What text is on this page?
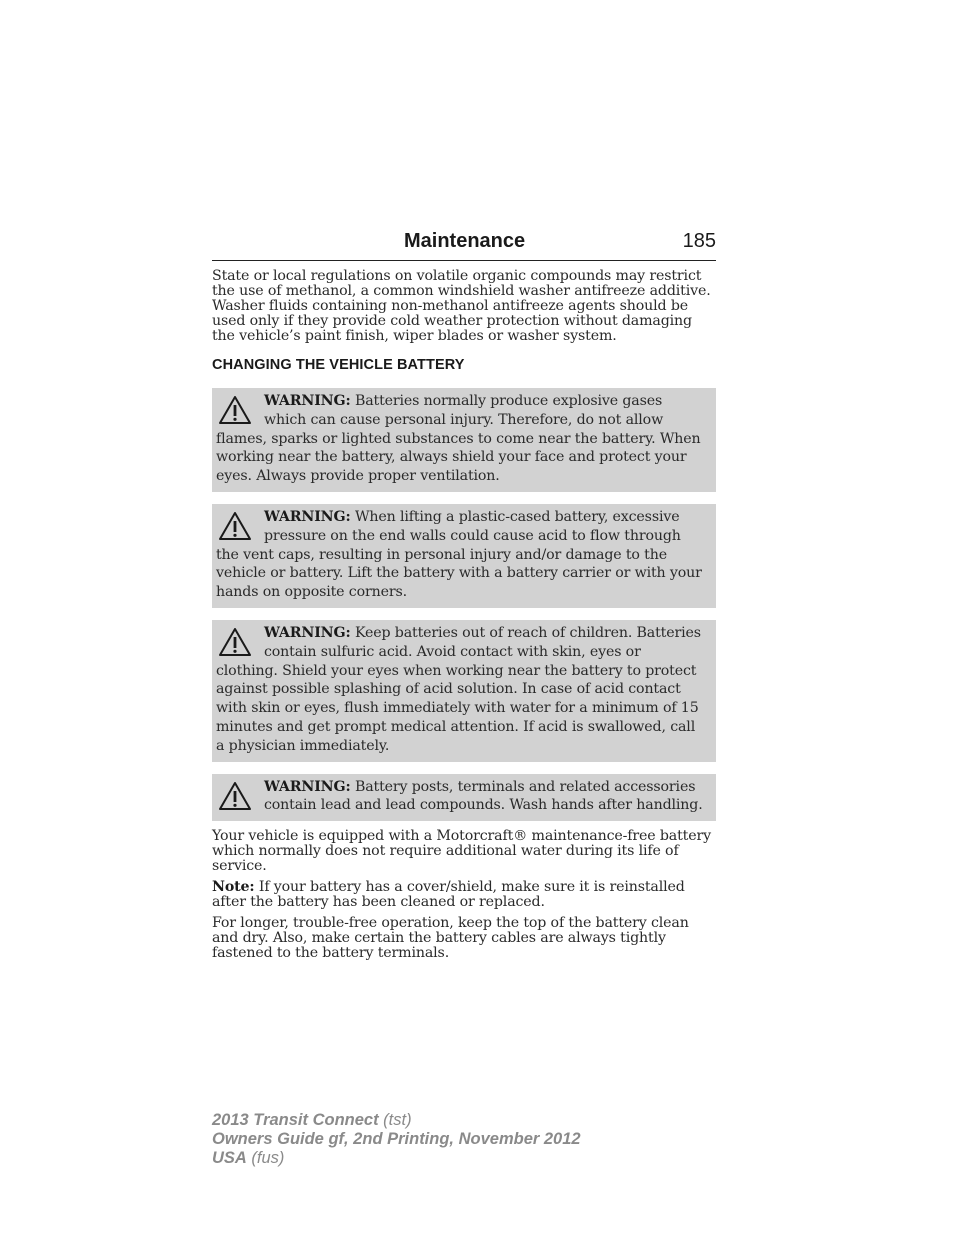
Maintenance	185
State or local regulations on volatile organic compounds may restrict the use of methanol, a common windshield washer antifreeze additive. Washer fluids containing non-methanol antifreeze agents should be used only if they provide cold weather protection without damaging the vehicle’s paint finish, wiper blades or washer system.
CHANGING THE VEHICLE BATTERY
WARNING: Batteries normally produce explosive gases which can cause personal injury. Therefore, do not allow flames, sparks or lighted substances to come near the battery. When working near the battery, always shield your face and protect your eyes. Always provide proper ventilation.
WARNING: When lifting a plastic-cased battery, excessive pressure on the end walls could cause acid to flow through the vent caps, resulting in personal injury and/or damage to the vehicle or battery. Lift the battery with a battery carrier or with your hands on opposite corners.
WARNING: Keep batteries out of reach of children. Batteries contain sulfuric acid. Avoid contact with skin, eyes or clothing. Shield your eyes when working near the battery to protect against possible splashing of acid solution. In case of acid contact with skin or eyes, flush immediately with water for a minimum of 15 minutes and get prompt medical attention. If acid is swallowed, call a physician immediately.
WARNING: Battery posts, terminals and related accessories contain lead and lead compounds. Wash hands after handling.
Your vehicle is equipped with a Motorcraft® maintenance-free battery which normally does not require additional water during its life of service.
Note: If your battery has a cover/shield, make sure it is reinstalled after the battery has been cleaned or replaced.
For longer, trouble-free operation, keep the top of the battery clean and dry. Also, make certain the battery cables are always tightly fastened to the battery terminals.
2013 Transit Connect (tst)
Owners Guide gf, 2nd Printing, November 2012
USA (fus)
